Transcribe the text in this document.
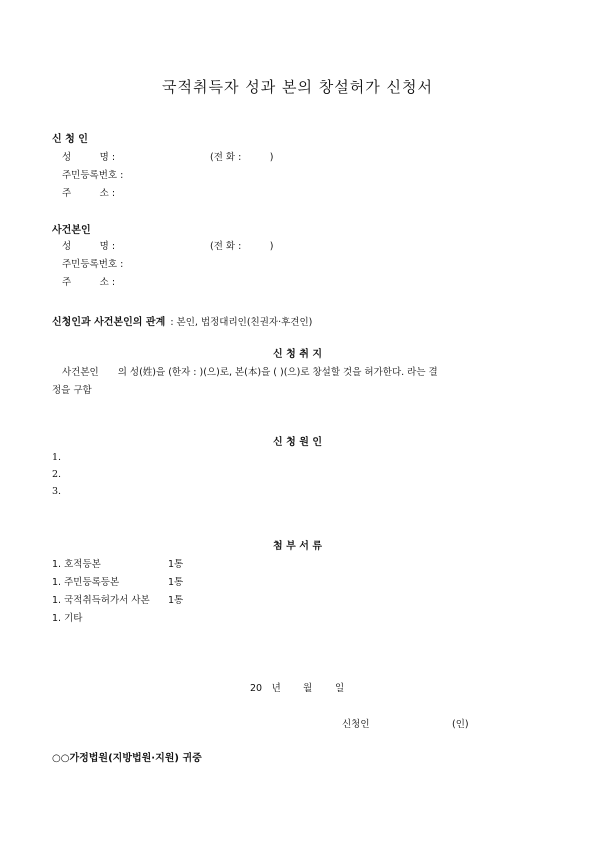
국적취득자 성과 본의 창설허가 신청서
신 청 인
성　　　명 :	(전 화 :　　　)
주민등록번호 :
주　　　소 :
사건본인
성　　　명 :	(전 화 :　　　)
주민등록번호 :
주　　　소 :
신청인과 사건본인의 관계 : 본인, 법정대리인(친권자·후견인)
신 청 취 지
사건본인　　의 성(姓)을 (한자 : )(으)로, 본(本)을 ( )(으)로 창설할 것을 허가한다. 라는 결
정을 구함
신 청 원 인
1.
2.
3.
첨 부 서 류
1. 호적등본	1통
1. 주민등록등본	1통
1. 국적취득허가서 사본 1통
1. 기타
20　년 월 일
신청인	(인)
○○가정법원(지방법원·지원) 귀중
